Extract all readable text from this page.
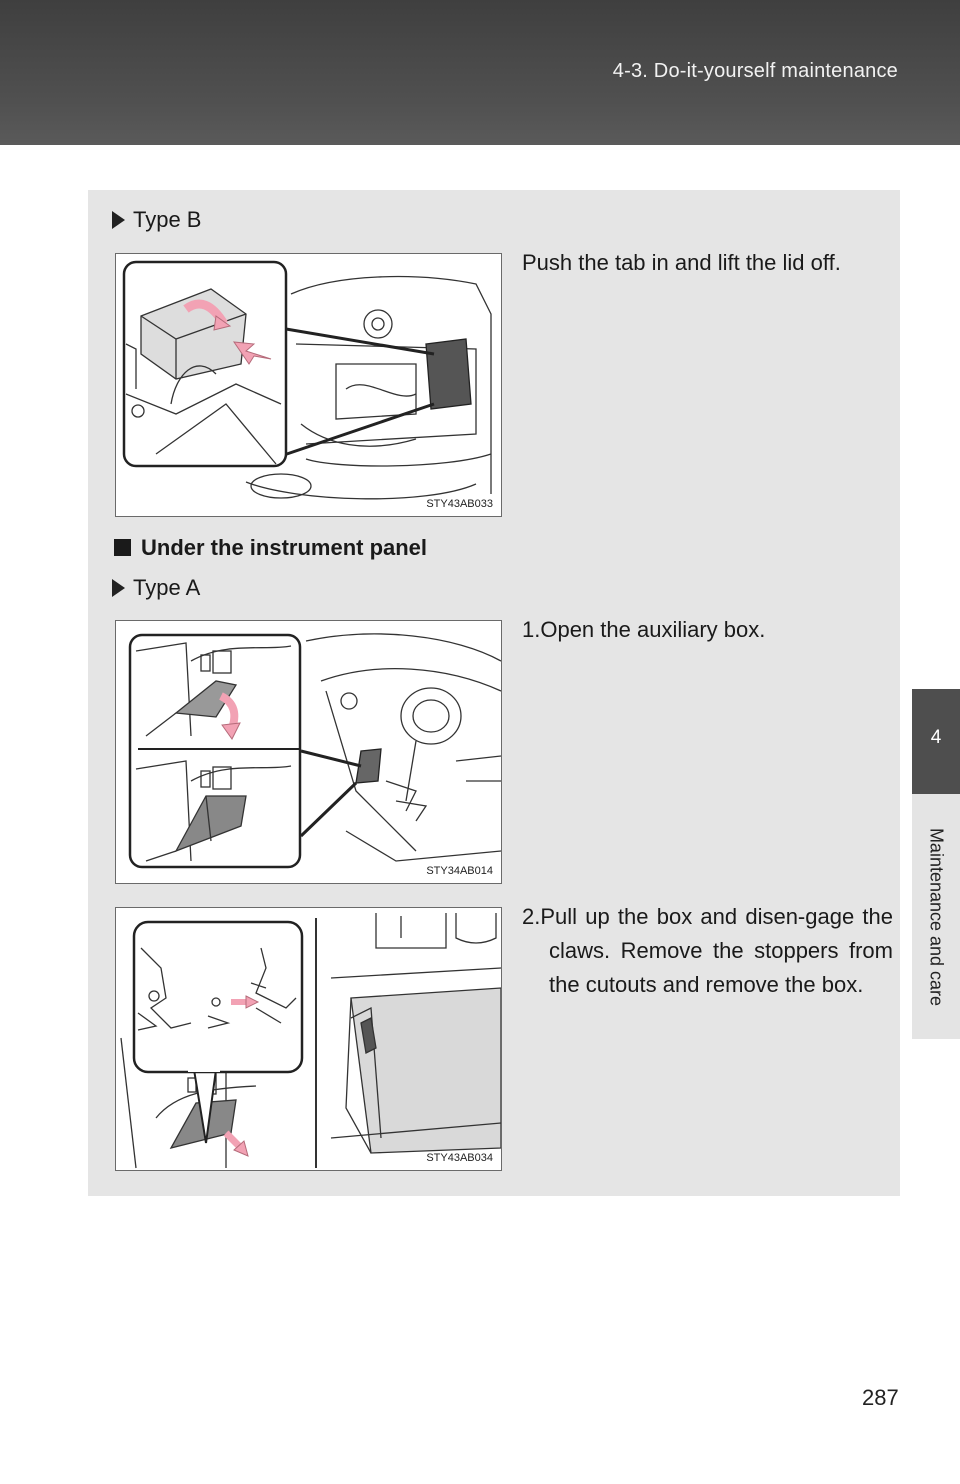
4-3. Do-it-yourself maintenance
4
Maintenance and care
Type B
STY43AB033
Push the tab in and lift the lid off.
Under the instrument panel
Type A
STY34AB014
1.Open the auxiliary box.
STY43AB034
2.Pull up the box and disen-gage the claws. Remove the stoppers from the cutouts and remove the box.
287
